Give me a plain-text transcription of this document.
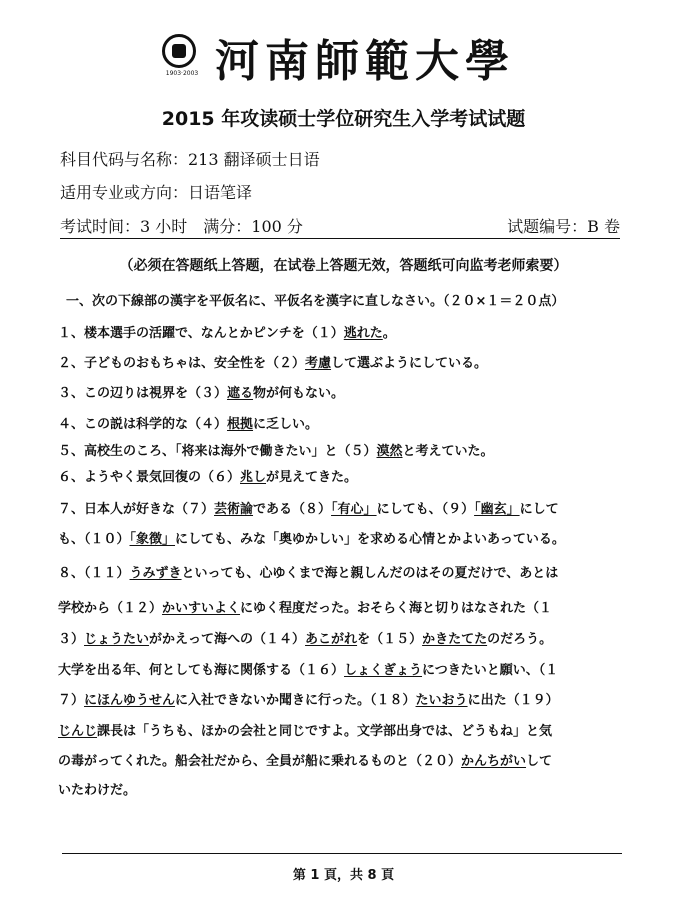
1903·2003 河南師範大學
2015 年攻读硕士学位研究生入学考试试题
科目代码与名称：213 翻译硕士日语
适用专业或方向：日语笔译
考试时间：3 小时　满分：100 分	试题编号：B 卷
（必须在答题纸上答题，在试卷上答题无效，答题纸可向监考老师索要）
一、次の下線部の漢字を平仮名に、平仮名を漢字に直しなさい。（２０×１＝２０点）
１、楼本選手の活躍で、なんとかピンチを（１）逃れた。
２、子どものおもちゃは、安全性を（２）考慮して選ぶようにしている。
３、この辺りは視界を（３）遮る物が何もない。
４、この説は科学的な（４）根拠に乏しい。
５、高校生のころ、「将来は海外で働きたい」と（５）漠然と考えていた。
６、ようやく景気回復の（６）兆しが見えてきた。
７、日本人が好きな（７）芸術論である（８）「有心」にしても、（９）「幽玄」にして
も、（１０）「象徴」にしても、みな「奥ゆかしい」を求める心情とかよいあっている。
８、（１１）うみずきといっても、心ゆくまで海と親しんだのはその夏だけで、あとは
学校から（１２）かいすいよくにゆく程度だった。おそらく海と切りはなされた（１
３）じょうたいがかえって海への（１４）あこがれを（１５）かきたてたのだろう。
大学を出る年、何としても海に関係する（１６）しょくぎょうにつきたいと願い、（１
７）にほんゆうせんに入社できないか聞きに行った。（１８）たいおうに出た（１９）
じんじ課長は「うちも、ほかの会社と同じですよ。文学部出身では、どうもね」と気
の毒がってくれた。船会社だから、全員が船に乗れるものと（２０）かんちがいして
いたわけだ。
第 1 頁，共 8 頁
